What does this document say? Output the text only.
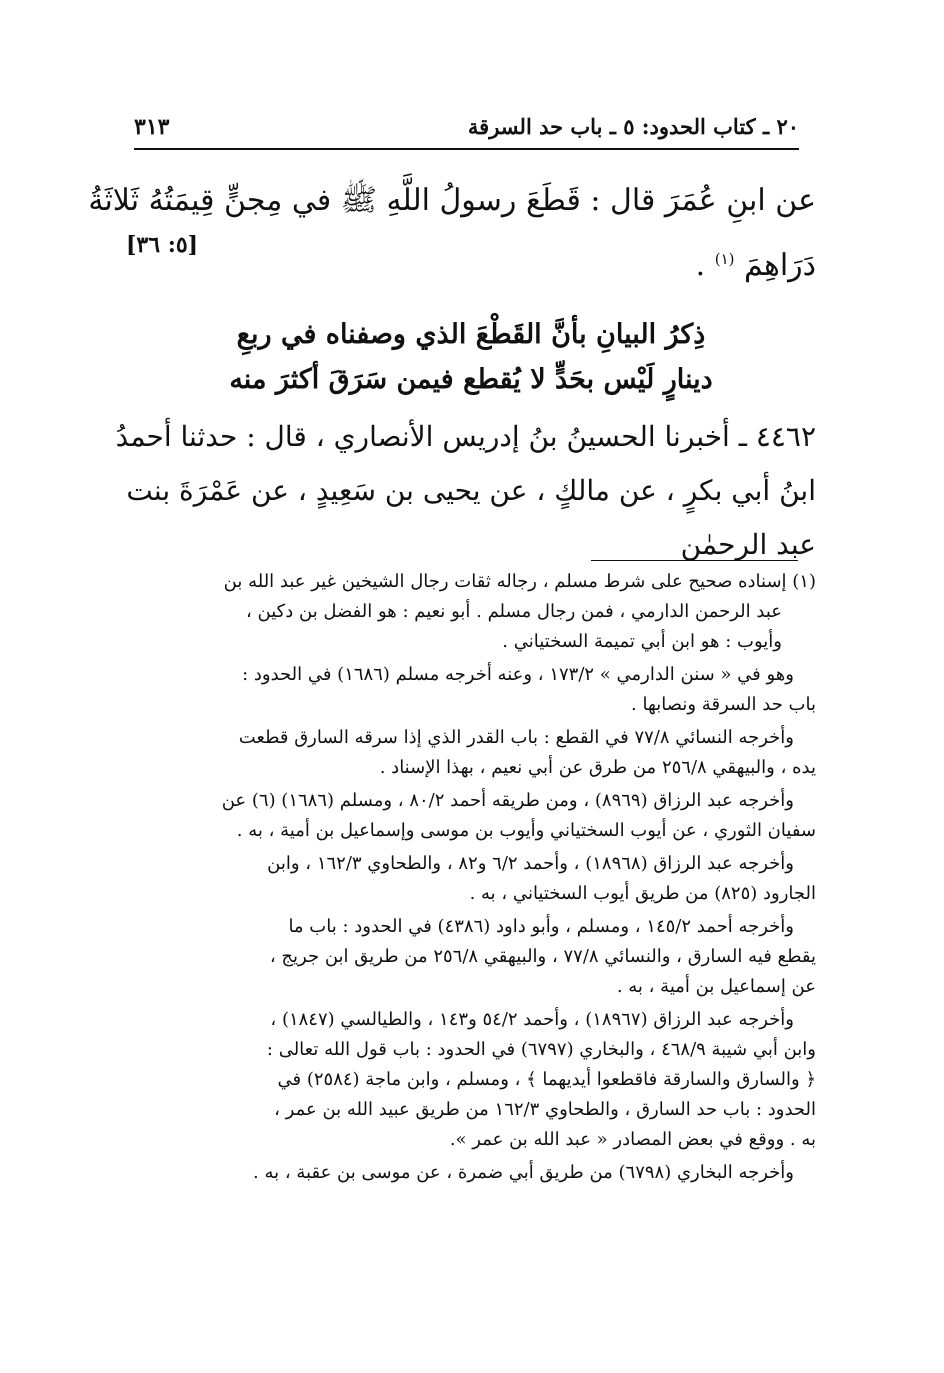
٢٠ ـ كتاب الحدود: ٥ ـ باب حد السرقة
٣١٣

عن ابنِ عُمَرَ قال : قَطَعَ رسولُ اللَّهِ ﷺ في مِجنٍّ قِيمَتُهُ ثَلاثَةُ

دَرَاهِمَ $^{(١)}$ .
[٥: ٣٦]

ذِكرُ البيانِ بأنَّ القَطْعَ الذي وصفناه في ربعِ

دينارٍ لَيْس بحَدٍّ لا يُقطع فيمن سَرَقَ أكثرَ منه

٤٤٦٢ ـ أخبرنا الحسينُ بنُ إدريس الأنصاري ، قال : حدثنا أحمدُ

ابنُ أبي بكرٍ ، عن مالكٍ ، عن يحيى بن سَعِيدٍ ، عن عَمْرَةَ بنت

عبد الرحمٰن

(١) إسناده صحيح على شرط مسلم ، رجاله ثقات رجال الشيخين غير عبد الله بن
عبد الرحمن الدارمي ، فمن رجال مسلم . أبو نعيم : هو الفضل بن دكين ،
وأيوب : هو ابن أبي تميمة السختياني .
وهو في « سنن الدارمي » ١٧٣/٢ ، وعنه أخرجه مسلم (١٦٨٦) في الحدود :
باب حد السرقة ونصابها .
وأخرجه النسائي ٧٧/٨ في القطع : باب القدر الذي إذا سرقه السارق قطعت
يده ، والبيهقي ٢٥٦/٨ من طرق عن أبي نعيم ، بهذا الإسناد .
وأخرجه عبد الرزاق (٨٩٦٩) ، ومن طريقه أحمد ٨٠/٢ ، ومسلم (١٦٨٦) (٦) عن
سفيان الثوري ، عن أيوب السختياني وأيوب بن موسى وإسماعيل بن أمية ، به .
وأخرجه عبد الرزاق (١٨٩٦٨) ، وأحمد ٦/٢ و٨٢ ، والطحاوي ١٦٢/٣ ، وابن
الجارود (٨٢٥) من طريق أيوب السختياني ، به .
وأخرجه أحمد ١٤٥/٢ ، ومسلم ، وأبو داود (٤٣٨٦) في الحدود : باب ما
يقطع فيه السارق ، والنسائي ٧٧/٨ ، والبيهقي ٢٥٦/٨ من طريق ابن جريج ،
عن إسماعيل بن أمية ، به .
وأخرجه عبد الرزاق (١٨٩٦٧) ، وأحمد ٥٤/٢ و١٤٣ ، والطيالسي (١٨٤٧) ،
وابن أبي شيبة ٤٦٨/٩ ، والبخاري (٦٧٩٧) في الحدود : باب قول الله تعالى :
﴿ والسارق والسارقة فاقطعوا أيديهما ﴾ ، ومسلم ، وابن ماجة (٢٥٨٤) في
الحدود : باب حد السارق ، والطحاوي ١٦٢/٣ من طريق عبيد الله بن عمر ،
به . ووقع في بعض المصادر « عبد الله بن عمر ».
وأخرجه البخاري (٦٧٩٨) من طريق أبي ضمرة ، عن موسى بن عقبة ، به .
